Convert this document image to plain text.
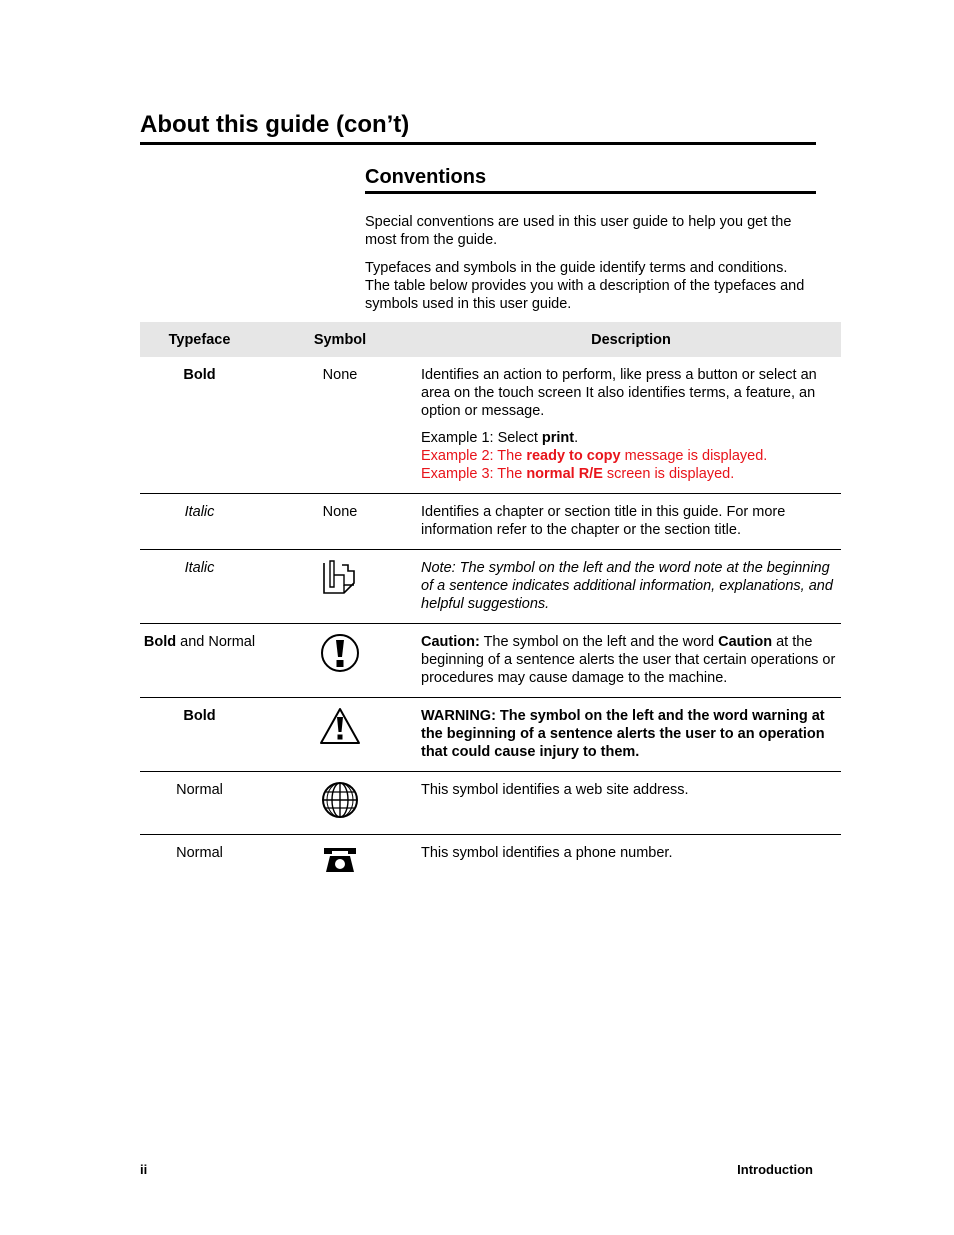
About this guide (con’t)
Conventions

Special conventions are used in this user guide to help you get the most from the guide.

Typefaces and symbols in the guide identify terms and conditions. The table below provides you with a description of the typefaces and symbols used in this user guide.

Typeface	Symbol	Description
Bold	None	Identifies an action to perform, like press a button or select an area on the touch screen It also identifies terms, a feature, an option or message.
Example 1: Select print.
Example 2: The ready to copy message is displayed.
Example 3: The normal R/E screen is displayed.

Italic	None	Identifies a chapter or section title in this guide. For more information refer to the chapter or the section title.
Italic		Note: The symbol on the left and the word note at the beginning of a sentence indicates additional information, explanations, and helpful suggestions.
Bold and Normal		Caution: The symbol on the left and the word Caution at the beginning of a sentence alerts the user that certain operations or procedures may cause damage to the machine.
Bold		WARNING: The symbol on the left and the word warning at the beginning of a sentence alerts the user to an operation that could cause injury to them.
Normal		This symbol identifies a web site address.
Normal		This symbol identifies a phone number.
ii	Introduction
